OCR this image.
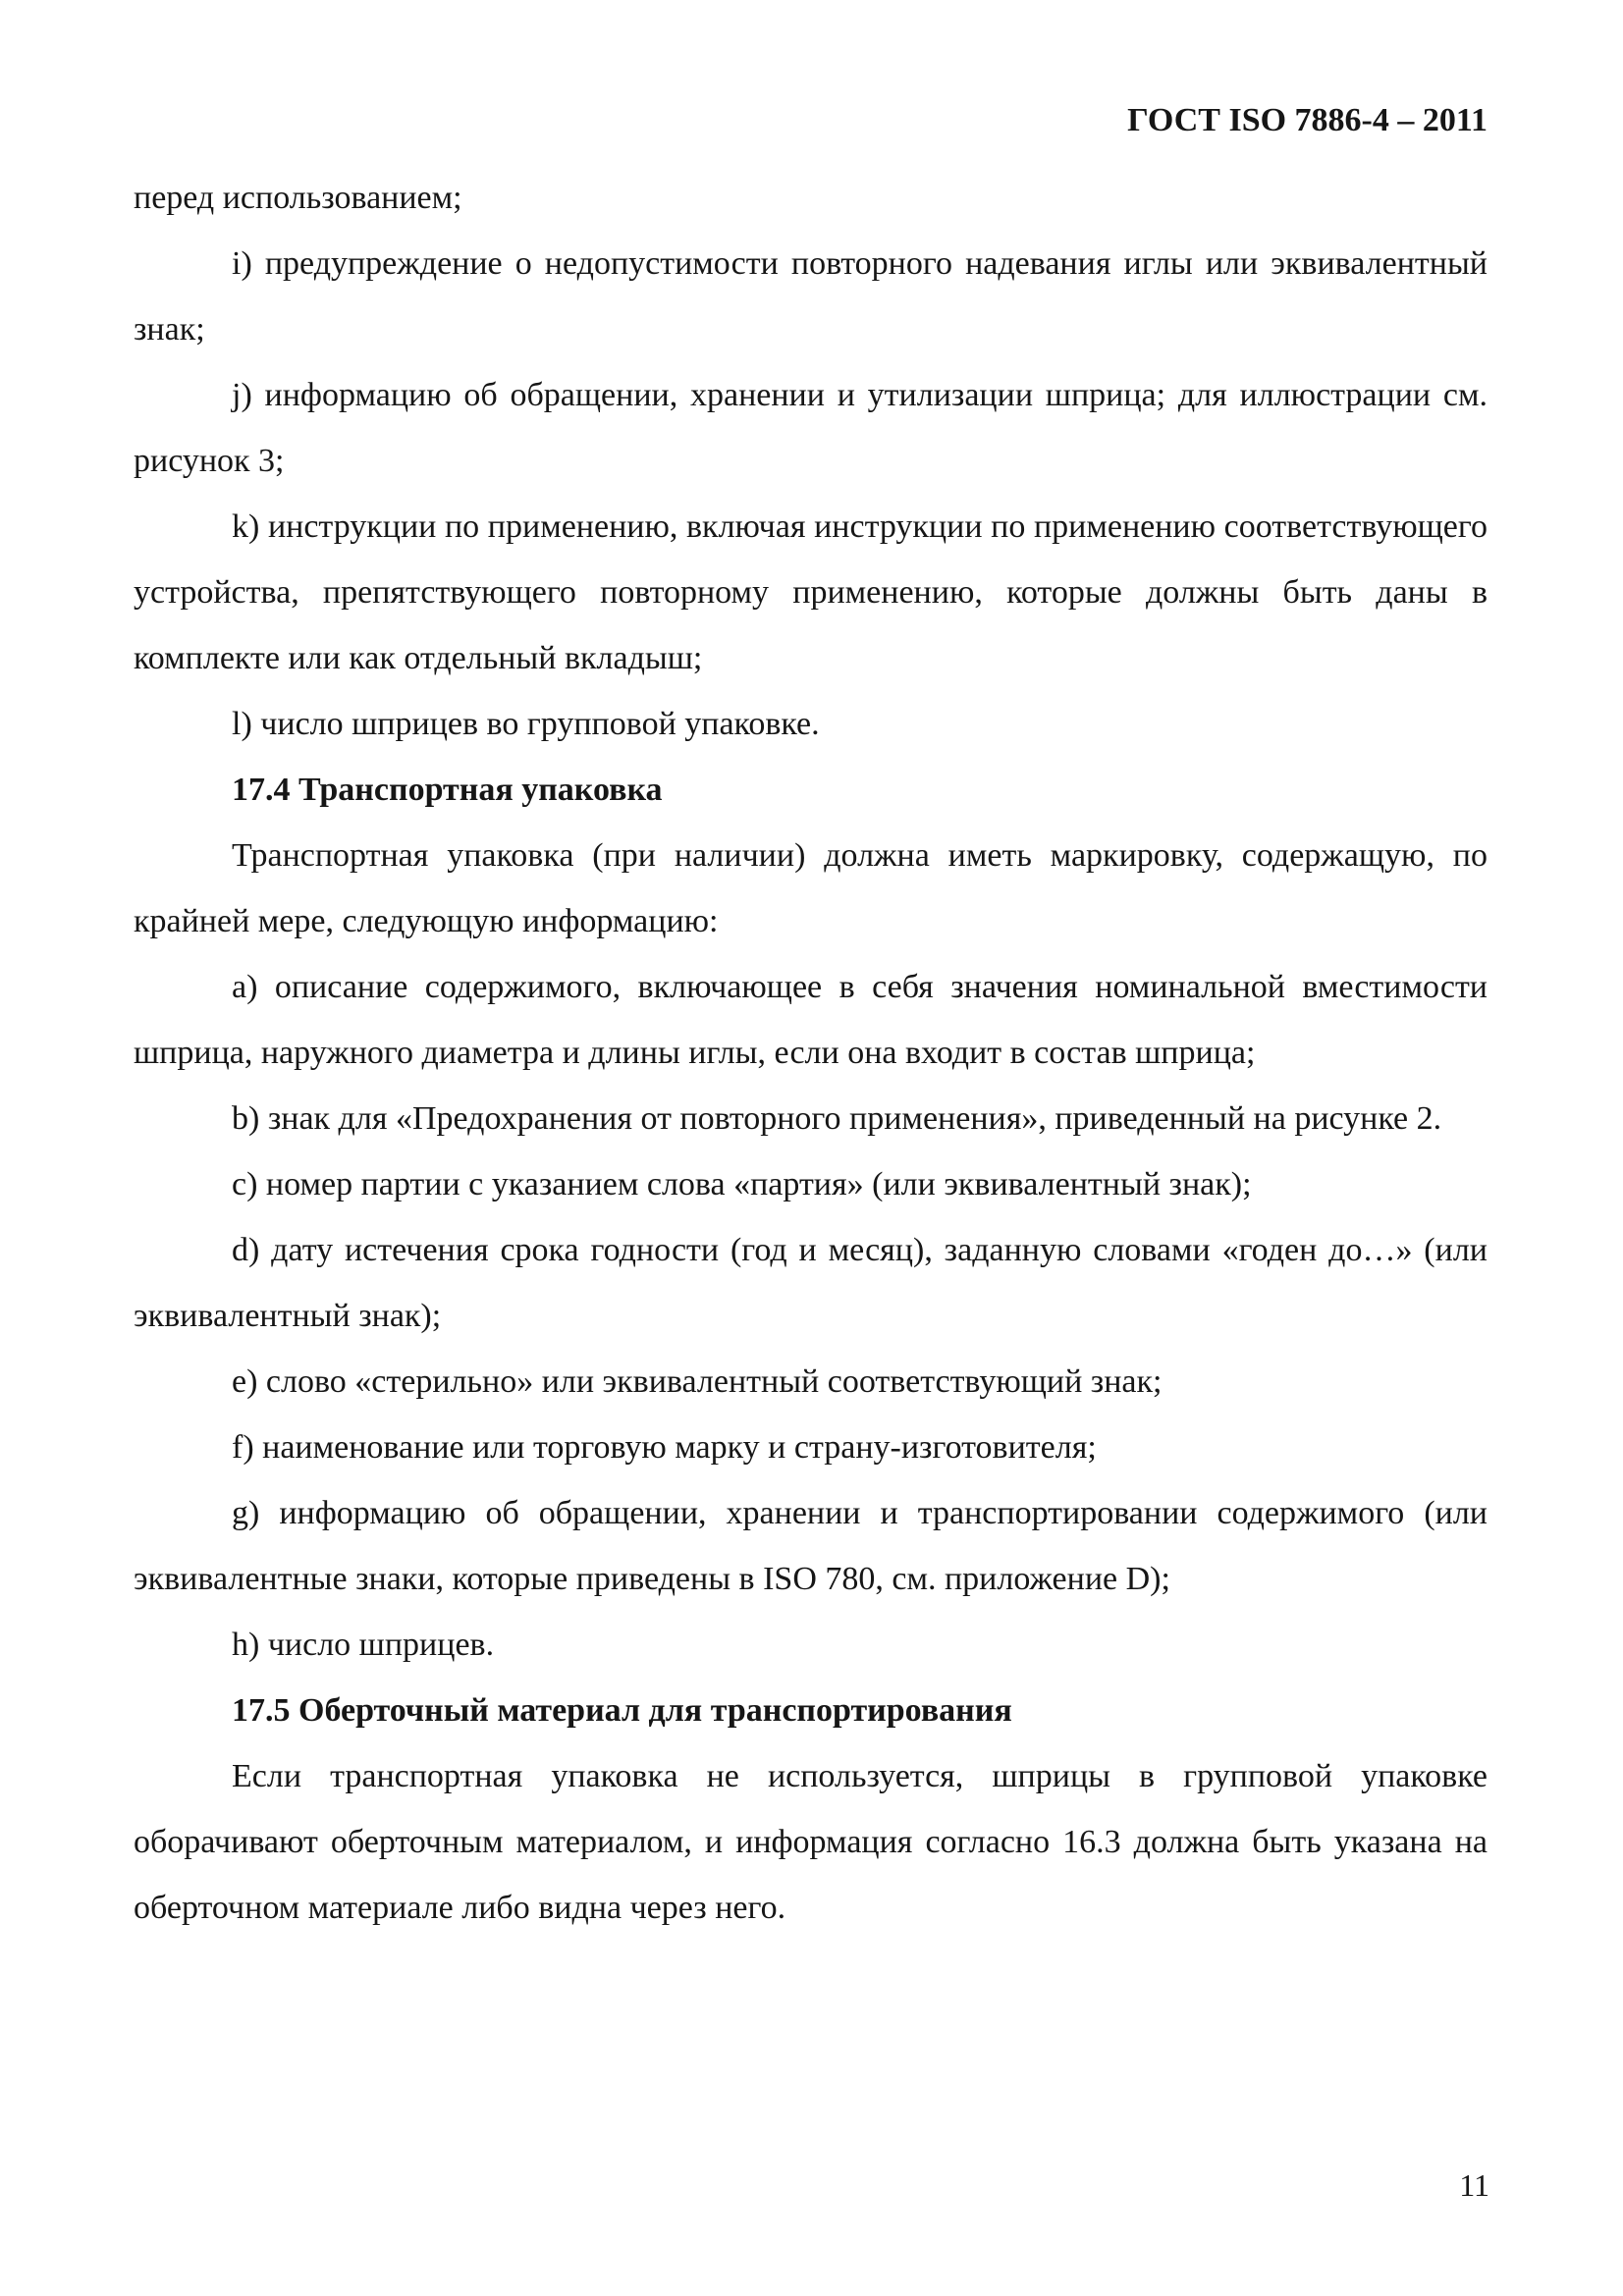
ГОСТ ISO 7886-4 – 2011

перед использованием;

i) предупреждение о недопустимости повторного надевания иглы или эквивалентный знак;

j) информацию об обращении, хранении и утилизации шприца; для иллюстрации см. рисунок 3;

k) инструкции по применению, включая инструкции по применению соответствующего устройства, препятствующего повторному применению, которые должны быть даны в комплекте или как отдельный вкладыш;

l) число шприцев во групповой упаковке.

17.4 Транспортная упаковка

Транспортная упаковка (при наличии) должна иметь маркировку, содержащую, по крайней мере, следующую информацию:

a) описание содержимого, включающее в себя значения номинальной вместимости шприца, наружного диаметра и длины иглы, если она входит в состав шприца;

b) знак для «Предохранения от повторного применения», приведенный на рисунке 2.

c) номер партии с указанием слова «партия» (или эквивалентный знак);

d) дату истечения срока годности (год и месяц), заданную словами «годен до…» (или эквивалентный знак);

e) слово «стерильно» или эквивалентный соответствующий знак;

f) наименование или торговую марку и страну-изготовителя;

g) информацию об обращении, хранении и транспортировании содержимого (или эквивалентные знаки, которые приведены в ISO 780, см. приложение D);

h) число шприцев.

17.5 Оберточный материал для транспортирования

Если транспортная упаковка не используется, шприцы в групповой упаковке оборачивают оберточным материалом, и информация согласно 16.3 должна быть указана на оберточном материале либо видна через него.

11
